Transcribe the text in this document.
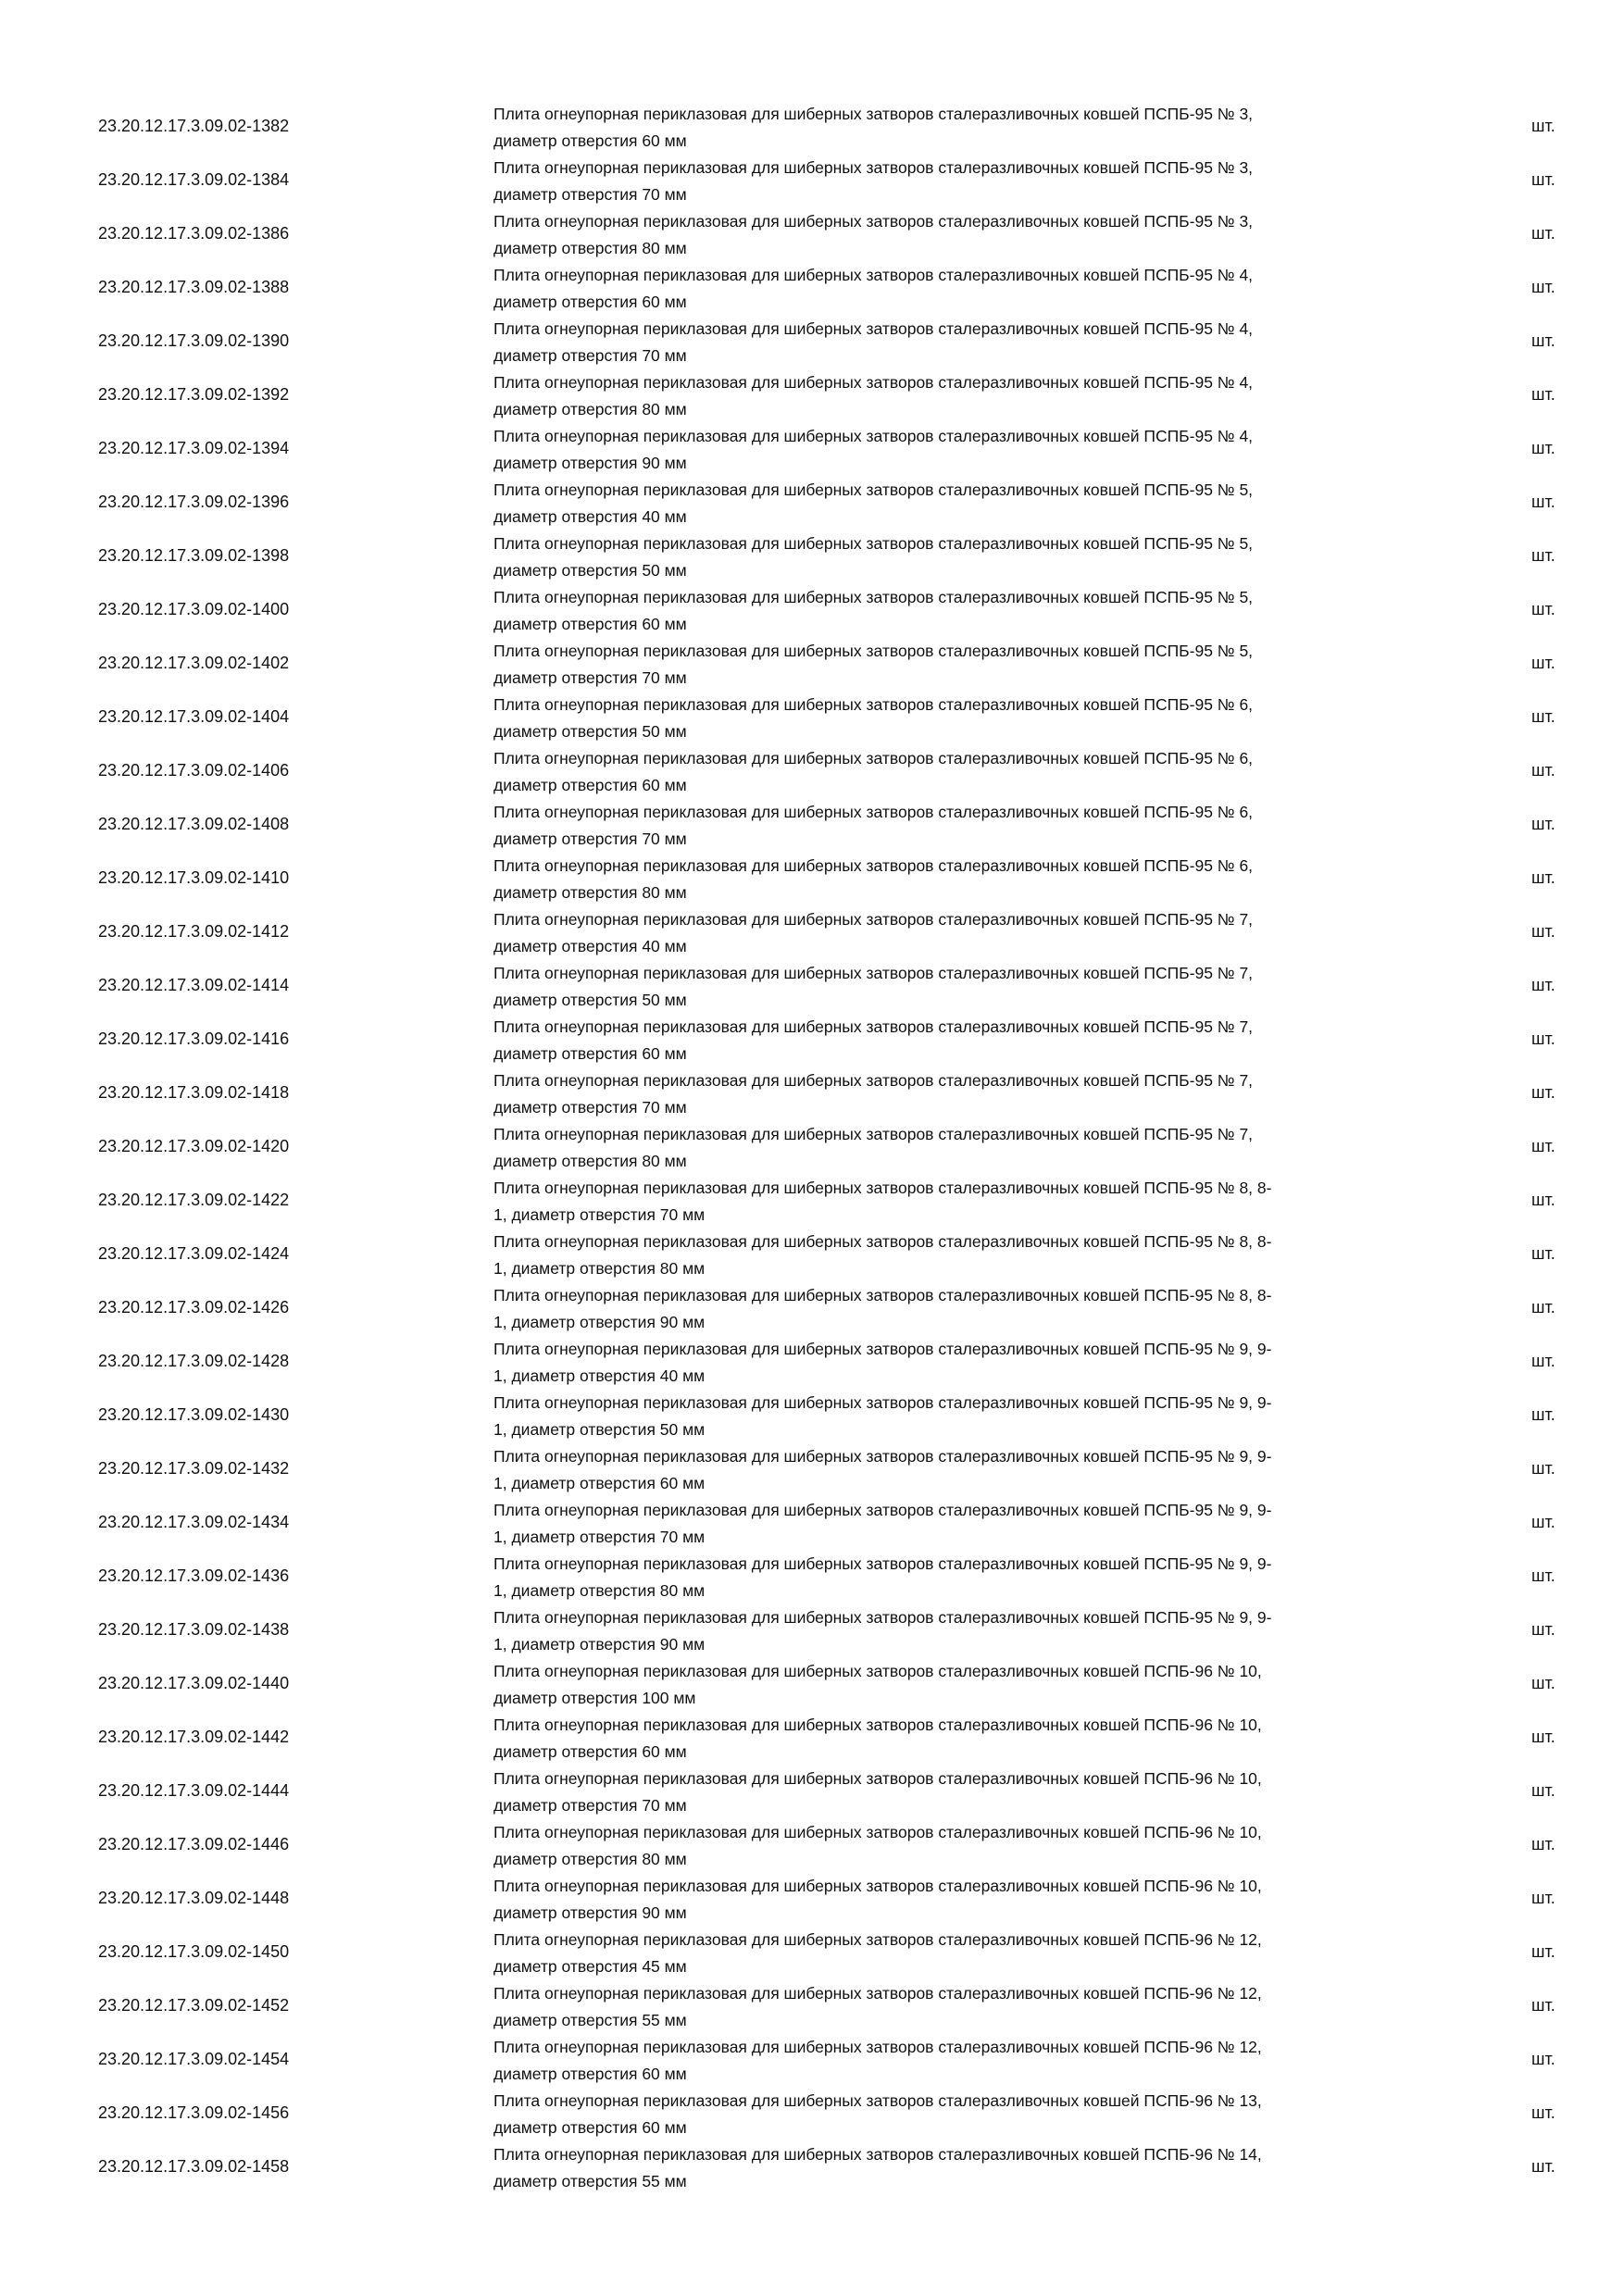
23.20.12.17.3.09.02-1382
Плита огнеупорная периклазовая для шиберных затворов сталеразливочных ковшей ПСПБ-95 № 3,
диаметр отверстия 60 мм
шт.
23.20.12.17.3.09.02-1384
Плита огнеупорная периклазовая для шиберных затворов сталеразливочных ковшей ПСПБ-95 № 3,
диаметр отверстия 70 мм
шт.
23.20.12.17.3.09.02-1386
Плита огнеупорная периклазовая для шиберных затворов сталеразливочных ковшей ПСПБ-95 № 3,
диаметр отверстия 80 мм
шт.
23.20.12.17.3.09.02-1388
Плита огнеупорная периклазовая для шиберных затворов сталеразливочных ковшей ПСПБ-95 № 4,
диаметр отверстия 60 мм
шт.
23.20.12.17.3.09.02-1390
Плита огнеупорная периклазовая для шиберных затворов сталеразливочных ковшей ПСПБ-95 № 4,
диаметр отверстия 70 мм
шт.
23.20.12.17.3.09.02-1392
Плита огнеупорная периклазовая для шиберных затворов сталеразливочных ковшей ПСПБ-95 № 4,
диаметр отверстия 80 мм
шт.
23.20.12.17.3.09.02-1394
Плита огнеупорная периклазовая для шиберных затворов сталеразливочных ковшей ПСПБ-95 № 4,
диаметр отверстия 90 мм
шт.
23.20.12.17.3.09.02-1396
Плита огнеупорная периклазовая для шиберных затворов сталеразливочных ковшей ПСПБ-95 № 5,
диаметр отверстия 40 мм
шт.
23.20.12.17.3.09.02-1398
Плита огнеупорная периклазовая для шиберных затворов сталеразливочных ковшей ПСПБ-95 № 5,
диаметр отверстия 50 мм
шт.
23.20.12.17.3.09.02-1400
Плита огнеупорная периклазовая для шиберных затворов сталеразливочных ковшей ПСПБ-95 № 5,
диаметр отверстия 60 мм
шт.
23.20.12.17.3.09.02-1402
Плита огнеупорная периклазовая для шиберных затворов сталеразливочных ковшей ПСПБ-95 № 5,
диаметр отверстия 70 мм
шт.
23.20.12.17.3.09.02-1404
Плита огнеупорная периклазовая для шиберных затворов сталеразливочных ковшей ПСПБ-95 № 6,
диаметр отверстия 50 мм
шт.
23.20.12.17.3.09.02-1406
Плита огнеупорная периклазовая для шиберных затворов сталеразливочных ковшей ПСПБ-95 № 6,
диаметр отверстия 60 мм
шт.
23.20.12.17.3.09.02-1408
Плита огнеупорная периклазовая для шиберных затворов сталеразливочных ковшей ПСПБ-95 № 6,
диаметр отверстия 70 мм
шт.
23.20.12.17.3.09.02-1410
Плита огнеупорная периклазовая для шиберных затворов сталеразливочных ковшей ПСПБ-95 № 6,
диаметр отверстия 80 мм
шт.
23.20.12.17.3.09.02-1412
Плита огнеупорная периклазовая для шиберных затворов сталеразливочных ковшей ПСПБ-95 № 7,
диаметр отверстия 40 мм
шт.
23.20.12.17.3.09.02-1414
Плита огнеупорная периклазовая для шиберных затворов сталеразливочных ковшей ПСПБ-95 № 7,
диаметр отверстия 50 мм
шт.
23.20.12.17.3.09.02-1416
Плита огнеупорная периклазовая для шиберных затворов сталеразливочных ковшей ПСПБ-95 № 7,
диаметр отверстия 60 мм
шт.
23.20.12.17.3.09.02-1418
Плита огнеупорная периклазовая для шиберных затворов сталеразливочных ковшей ПСПБ-95 № 7,
диаметр отверстия 70 мм
шт.
23.20.12.17.3.09.02-1420
Плита огнеупорная периклазовая для шиберных затворов сталеразливочных ковшей ПСПБ-95 № 7,
диаметр отверстия 80 мм
шт.
23.20.12.17.3.09.02-1422
Плита огнеупорная периклазовая для шиберных затворов сталеразливочных ковшей ПСПБ-95 № 8, 8-
1, диаметр отверстия 70 мм
шт.
23.20.12.17.3.09.02-1424
Плита огнеупорная периклазовая для шиберных затворов сталеразливочных ковшей ПСПБ-95 № 8, 8-
1, диаметр отверстия 80 мм
шт.
23.20.12.17.3.09.02-1426
Плита огнеупорная периклазовая для шиберных затворов сталеразливочных ковшей ПСПБ-95 № 8, 8-
1, диаметр отверстия 90 мм
шт.
23.20.12.17.3.09.02-1428
Плита огнеупорная периклазовая для шиберных затворов сталеразливочных ковшей ПСПБ-95 № 9, 9-
1, диаметр отверстия 40 мм
шт.
23.20.12.17.3.09.02-1430
Плита огнеупорная периклазовая для шиберных затворов сталеразливочных ковшей ПСПБ-95 № 9, 9-
1, диаметр отверстия 50 мм
шт.
23.20.12.17.3.09.02-1432
Плита огнеупорная периклазовая для шиберных затворов сталеразливочных ковшей ПСПБ-95 № 9, 9-
1, диаметр отверстия 60 мм
шт.
23.20.12.17.3.09.02-1434
Плита огнеупорная периклазовая для шиберных затворов сталеразливочных ковшей ПСПБ-95 № 9, 9-
1, диаметр отверстия 70 мм
шт.
23.20.12.17.3.09.02-1436
Плита огнеупорная периклазовая для шиберных затворов сталеразливочных ковшей ПСПБ-95 № 9, 9-
1, диаметр отверстия 80 мм
шт.
23.20.12.17.3.09.02-1438
Плита огнеупорная периклазовая для шиберных затворов сталеразливочных ковшей ПСПБ-95 № 9, 9-
1, диаметр отверстия 90 мм
шт.
23.20.12.17.3.09.02-1440
Плита огнеупорная периклазовая для шиберных затворов сталеразливочных ковшей ПСПБ-96 № 10,
диаметр отверстия 100 мм
шт.
23.20.12.17.3.09.02-1442
Плита огнеупорная периклазовая для шиберных затворов сталеразливочных ковшей ПСПБ-96 № 10,
диаметр отверстия 60 мм
шт.
23.20.12.17.3.09.02-1444
Плита огнеупорная периклазовая для шиберных затворов сталеразливочных ковшей ПСПБ-96 № 10,
диаметр отверстия 70 мм
шт.
23.20.12.17.3.09.02-1446
Плита огнеупорная периклазовая для шиберных затворов сталеразливочных ковшей ПСПБ-96 № 10,
диаметр отверстия 80 мм
шт.
23.20.12.17.3.09.02-1448
Плита огнеупорная периклазовая для шиберных затворов сталеразливочных ковшей ПСПБ-96 № 10,
диаметр отверстия 90 мм
шт.
23.20.12.17.3.09.02-1450
Плита огнеупорная периклазовая для шиберных затворов сталеразливочных ковшей ПСПБ-96 № 12,
диаметр отверстия 45 мм
шт.
23.20.12.17.3.09.02-1452
Плита огнеупорная периклазовая для шиберных затворов сталеразливочных ковшей ПСПБ-96 № 12,
диаметр отверстия 55 мм
шт.
23.20.12.17.3.09.02-1454
Плита огнеупорная периклазовая для шиберных затворов сталеразливочных ковшей ПСПБ-96 № 12,
диаметр отверстия 60 мм
шт.
23.20.12.17.3.09.02-1456
Плита огнеупорная периклазовая для шиберных затворов сталеразливочных ковшей ПСПБ-96 № 13,
диаметр отверстия 60 мм
шт.
23.20.12.17.3.09.02-1458
Плита огнеупорная периклазовая для шиберных затворов сталеразливочных ковшей ПСПБ-96 № 14,
диаметр отверстия 55 мм
шт.
